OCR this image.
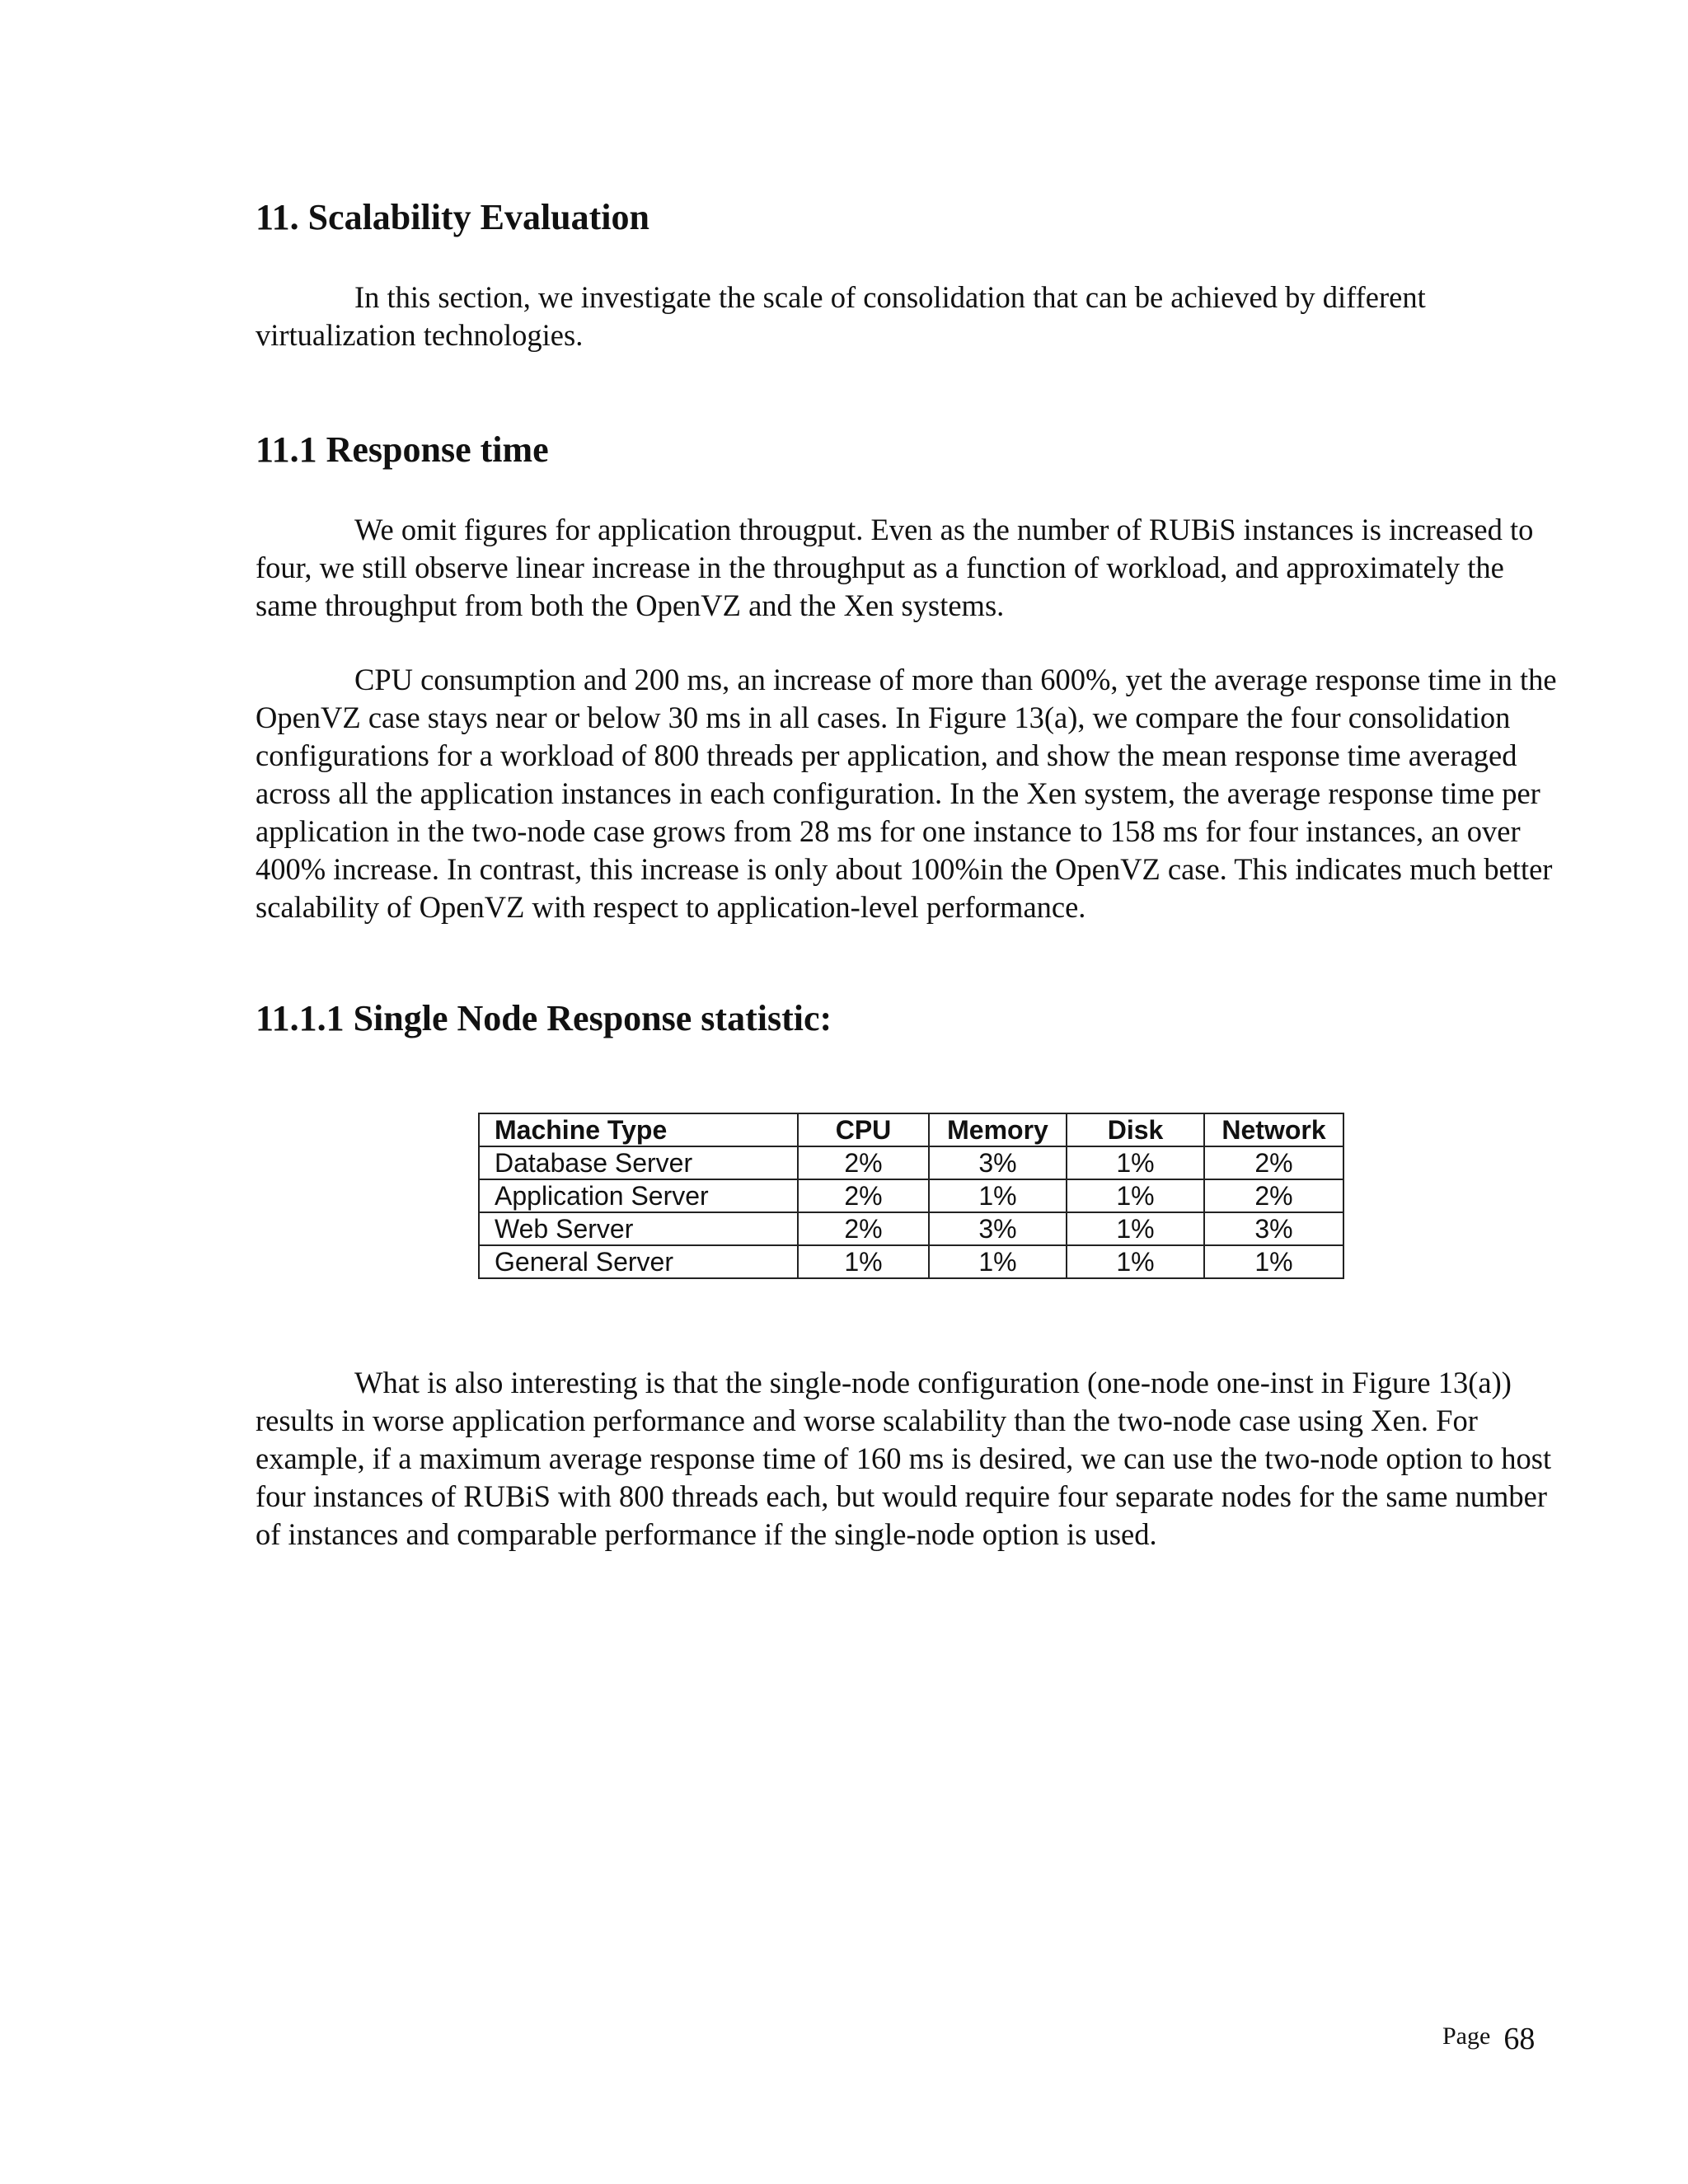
11. Scalability Evaluation

In this section, we investigate the scale of consolidation that can be achieved by different virtualization technologies.

11.1 Response time

We omit figures for application througput. Even as the number of RUBiS instances is increased to four, we still observe linear increase in the throughput as a function of workload, and approximately the same throughput from both the OpenVZ and the Xen systems.

CPU consumption and 200 ms, an increase of more than 600%, yet the average response time in the OpenVZ case stays near or below 30 ms in all cases. In Figure 13(a), we compare the four consolidation configurations for a workload of 800 threads per application, and show the mean response time averaged across all the application instances in each configuration. In the Xen system, the average response time per application in the two-node case grows from 28 ms for one instance to 158 ms for four instances, an over 400% increase. In contrast, this increase is only about 100%in the OpenVZ case. This indicates much better scalability of OpenVZ with respect to application-level performance.

11.1.1 Single Node Response statistic:
Machine Type	CPU	Memory	Disk	Network
Database Server	2%	3%	1%	2%
Application Server	2%	1%	1%	2%
Web Server	2%	3%	1%	3%
General Server	1%	1%	1%	1%

What is also interesting is that the single-node configuration (one-node one-inst in Figure 13(a)) results in worse application performance and worse scalability than the two-node case using Xen. For example, if a maximum average response time of 160 ms is desired, we can use the two-node option to host four instances of RUBiS with 800 threads each, but would require four separate nodes for the same number of instances and comparable performance if the single-node option is used.

Page 68
